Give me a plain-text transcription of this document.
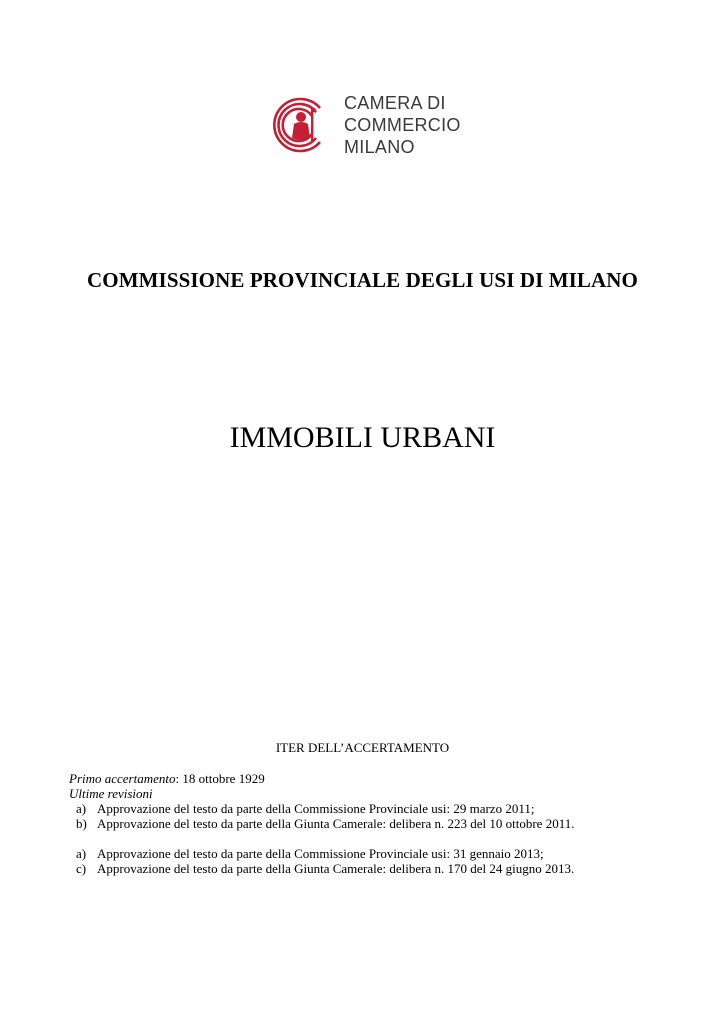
CAMERA DI
COMMERCIO
MILANO
COMMISSIONE PROVINCIALE DEGLI USI DI MILANO
IMMOBILI URBANI
ITER DELL’ACCERTAMENTO
Primo accertamento: 18 ottobre 1929
Ultime revisioni
a) Approvazione del testo da parte della Commissione Provinciale usi: 29 marzo 2011;
b) Approvazione del testo da parte della Giunta Camerale: delibera n. 223 del 10 ottobre 2011.
a) Approvazione del testo da parte della Commissione Provinciale usi: 31 gennaio 2013;
c) Approvazione del testo da parte della Giunta Camerale: delibera n. 170 del 24 giugno 2013.
